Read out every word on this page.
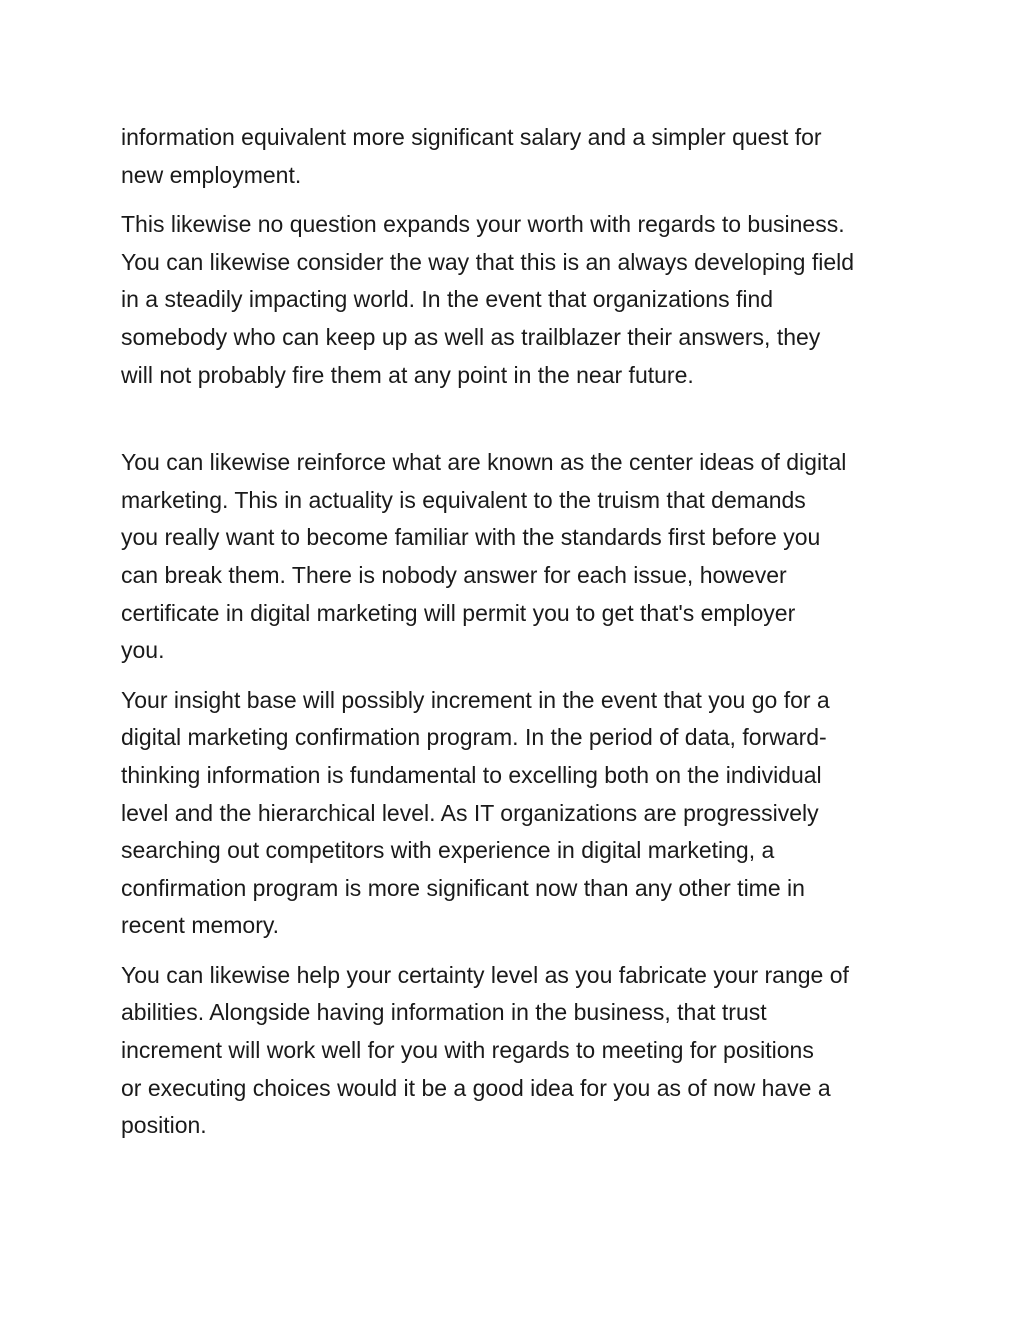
information equivalent more significant salary and a simpler quest for
new employment.

This likewise no question expands your worth with regards to business.
You can likewise consider the way that this is an always developing field
in a steadily impacting world. In the event that organizations find
somebody who can keep up as well as trailblazer their answers, they
will not probably fire them at any point in the near future.

You can likewise reinforce what are known as the center ideas of digital
marketing. This in actuality is equivalent to the truism that demands
you really want to become familiar with the standards first before you
can break them. There is nobody answer for each issue, however
certificate in digital marketing will permit you to get that's employer
you.

Your insight base will possibly increment in the event that you go for a
digital marketing confirmation program. In the period of data, forward-
thinking information is fundamental to excelling both on the individual
level and the hierarchical level. As IT organizations are progressively
searching out competitors with experience in digital marketing, a
confirmation program is more significant now than any other time in
recent memory.

You can likewise help your certainty level as you fabricate your range of
abilities. Alongside having information in the business, that trust
increment will work well for you with regards to meeting for positions
or executing choices would it be a good idea for you as of now have a
position.
